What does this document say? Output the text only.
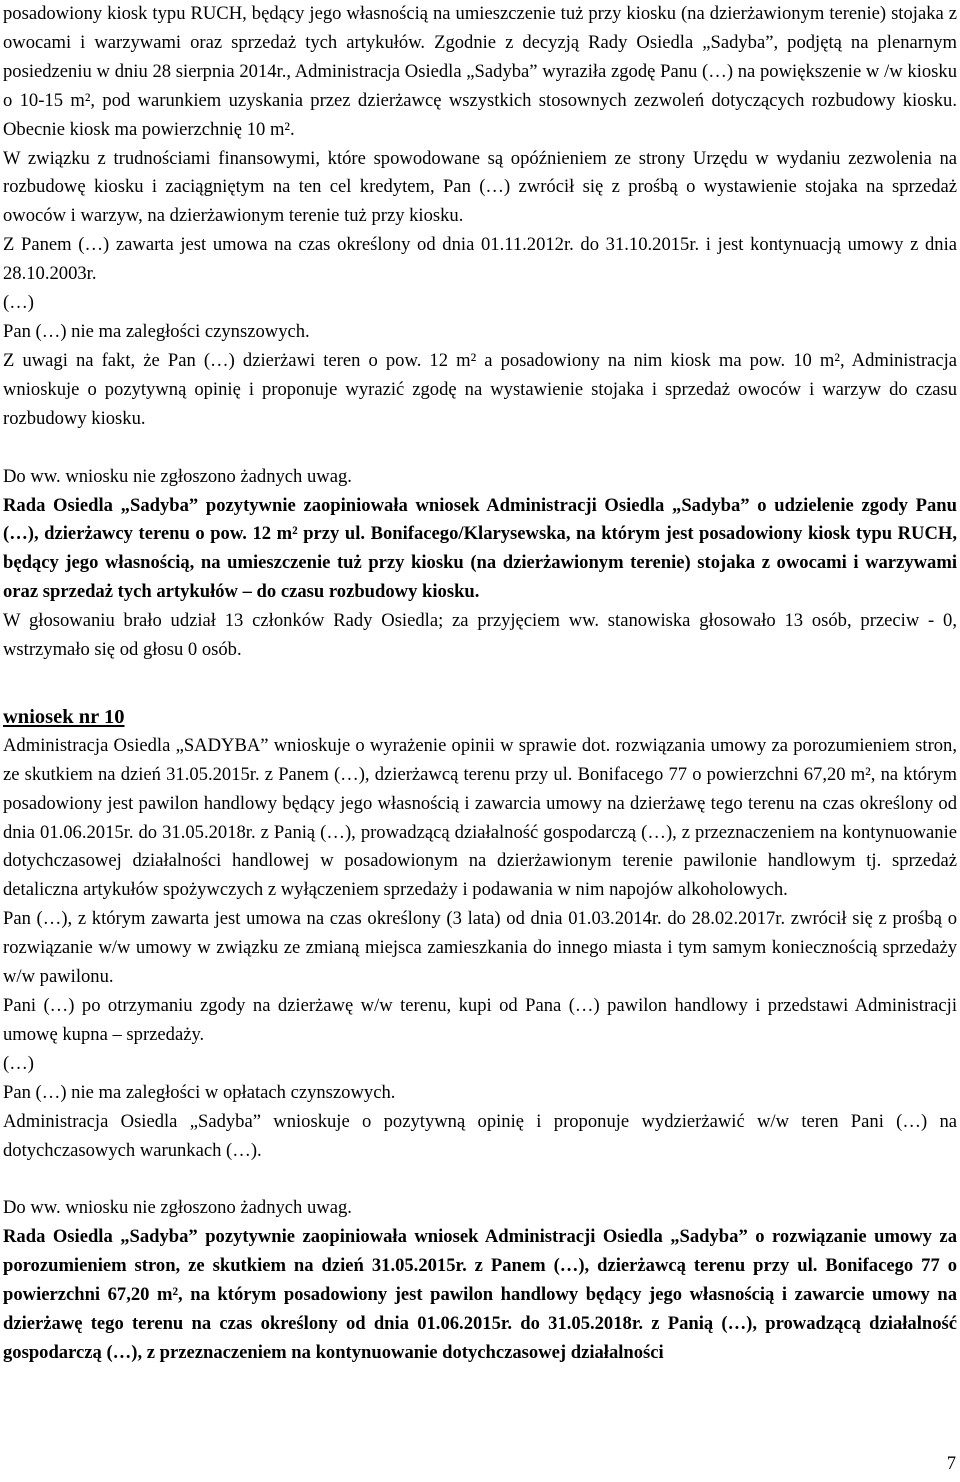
posadowiony kiosk typu RUCH, będący jego własnością na umieszczenie tuż przy kiosku (na dzierżawionym terenie) stojaka z owocami i warzywami oraz sprzedaż tych artykułów. Zgodnie z decyzją Rady Osiedla „Sadyba”, podjętą na plenarnym posiedzeniu w dniu 28 sierpnia 2014r., Administracja Osiedla „Sadyba” wyraziła zgodę Panu (…) na powiększenie w /w kiosku o 10-15 m², pod warunkiem uzyskania przez dzierżawcę wszystkich stosownych zezwoleń dotyczących rozbudowy kiosku. Obecnie kiosk ma powierzchnię 10 m².

W związku z trudnościami finansowymi, które spowodowane są opóźnieniem ze strony Urzędu w wydaniu zezwolenia na rozbudowę kiosku i zaciągniętym na ten cel kredytem, Pan (…) zwrócił się z prośbą o wystawienie stojaka na sprzedaż owoców i warzyw, na dzierżawionym terenie tuż przy kiosku.

Z Panem (…) zawarta jest umowa na czas określony od dnia 01.11.2012r. do 31.10.2015r. i jest kontynuacją umowy z dnia 28.10.2003r.

(…)

Pan (…) nie ma zaległości czynszowych.

Z uwagi na fakt, że Pan (…) dzierżawi teren o pow. 12 m² a posadowiony na nim kiosk ma pow. 10 m², Administracja wnioskuje o pozytywną opinię i proponuje wyrazić zgodę na wystawienie stojaka i sprzedaż owoców i warzyw do czasu rozbudowy kiosku.

Do ww. wniosku nie zgłoszono żadnych uwag.

Rada Osiedla „Sadyba” pozytywnie zaopiniowała wniosek Administracji Osiedla „Sadyba” o udzielenie zgody Panu (…), dzierżawcy terenu o pow. 12 m² przy ul. Bonifacego/Klarysewska, na którym jest posadowiony kiosk typu RUCH, będący jego własnością, na umieszczenie tuż przy kiosku (na dzierżawionym terenie) stojaka z owocami i warzywami oraz sprzedaż tych artykułów – do czasu rozbudowy kiosku.

W głosowaniu brało udział 13 członków Rady Osiedla; za przyjęciem ww. stanowiska głosowało 13 osób, przeciw - 0, wstrzymało się od głosu 0 osób.

wniosek nr 10

Administracja Osiedla „SADYBA” wnioskuje o wyrażenie opinii w sprawie dot. rozwiązania umowy za porozumieniem stron, ze skutkiem na dzień 31.05.2015r. z Panem (…), dzierżawcą terenu przy ul. Bonifacego 77 o powierzchni 67,20 m², na którym posadowiony jest pawilon handlowy będący jego własnością i zawarcia umowy na dzierżawę tego terenu na czas określony od dnia 01.06.2015r. do 31.05.2018r. z Panią (…), prowadzącą działalność gospodarczą (…), z przeznaczeniem na kontynuowanie dotychczasowej działalności handlowej w posadowionym na dzierżawionym terenie pawilonie handlowym tj. sprzedaż detaliczna artykułów spożywczych z wyłączeniem sprzedaży i podawania w nim napojów alkoholowych.

Pan (…), z którym zawarta jest umowa na czas określony (3 lata) od dnia 01.03.2014r. do 28.02.2017r. zwrócił się z prośbą o rozwiązanie w/w umowy w związku ze zmianą miejsca zamieszkania do innego miasta i tym samym koniecznością sprzedaży w/w pawilonu.

Pani (…) po otrzymaniu zgody na dzierżawę w/w terenu, kupi od Pana (…) pawilon handlowy i przedstawi Administracji umowę kupna – sprzedaży.

(…)

Pan (…) nie ma zaległości w opłatach czynszowych.

Administracja Osiedla „Sadyba” wnioskuje o pozytywną opinię i proponuje wydzierżawić w/w teren Pani (…) na dotychczasowych warunkach (…).

Do ww. wniosku nie zgłoszono żadnych uwag.

Rada Osiedla „Sadyba” pozytywnie zaopiniowała wniosek Administracji Osiedla „Sadyba” o rozwiązanie umowy za porozumieniem stron, ze skutkiem na dzień 31.05.2015r. z Panem (…), dzierżawcą terenu przy ul. Bonifacego 77 o powierzchni 67,20 m², na którym posadowiony jest pawilon handlowy będący jego własnością i zawarcie umowy na dzierżawę tego terenu na czas określony od dnia 01.06.2015r. do 31.05.2018r. z Panią (…), prowadzącą działalność gospodarczą (…), z przeznaczeniem na kontynuowanie dotychczasowej działalności

7
